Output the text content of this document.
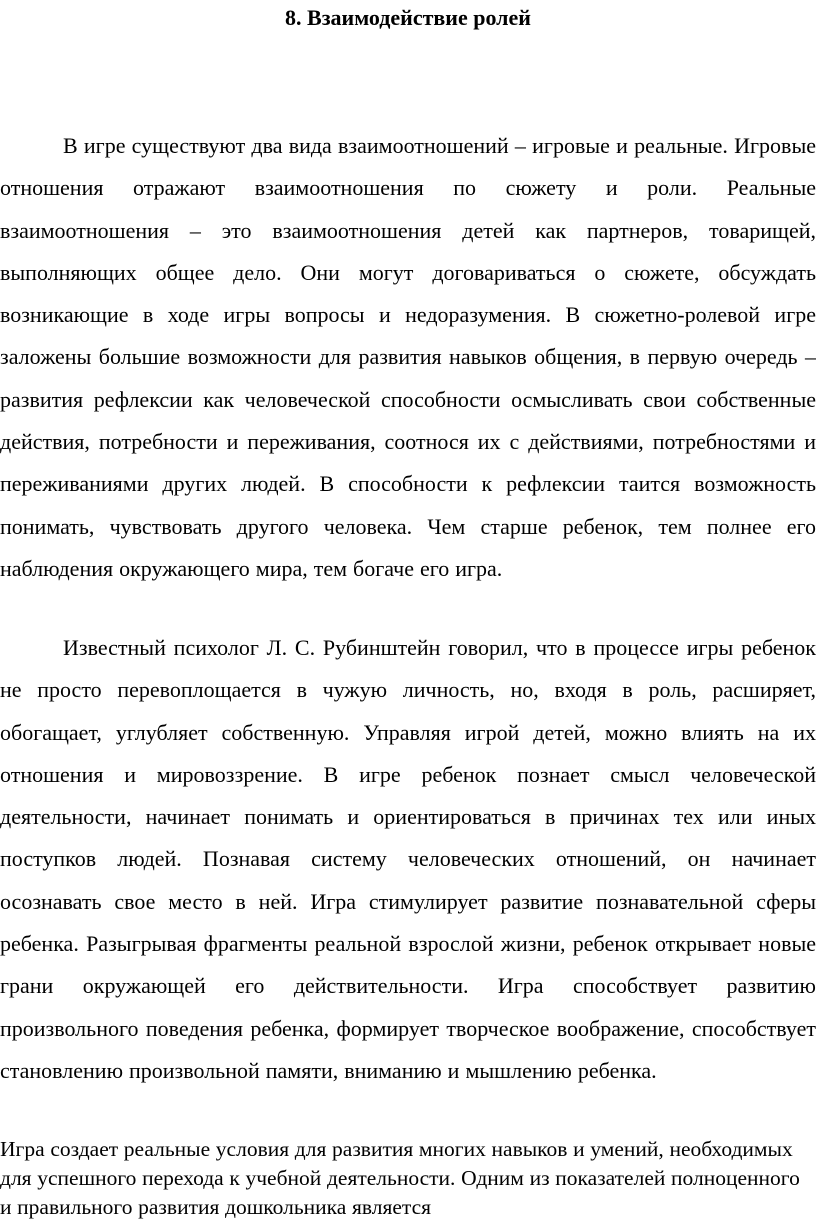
8. Взаимодействие ролей

В игре существуют два вида взаимоотношений – игровые и реальные. Игровые отношения отражают взаимоотношения по сюжету и роли. Реальные взаимоотношения – это взаимоотношения детей как партнеров, товарищей, выполняющих общее дело. Они могут договариваться о сюжете, обсуждать возникающие в ходе игры вопросы и недоразумения. В сюжетно-ролевой игре заложены большие возможности для развития навыков общения, в первую очередь – развития рефлексии как человеческой способности осмысливать свои собственные действия, потребности и переживания, соотнося их с действиями, потребностями и переживаниями других людей. В способности к рефлексии таится возможность понимать, чувствовать другого человека. Чем старше ребенок, тем полнее его наблюдения окружающего мира, тем богаче его игра.

Известный психолог Л. С. Рубинштейн говорил, что в процессе игры ребенок не просто перевоплощается в чужую личность, но, входя в роль, расширяет, обогащает, углубляет собственную. Управляя игрой детей, можно влиять на их отношения и мировоззрение. В игре ребенок познает смысл человеческой деятельности, начинает понимать и ориентироваться в причинах тех или иных поступков людей. Познавая систему человеческих отношений, он начинает осознавать свое место в ней. Игра стимулирует развитие познавательной сферы ребенка. Разыгрывая фрагменты реальной взрослой жизни, ребенок открывает новые грани окружающей его действительности. Игра способствует развитию произвольного поведения ребенка, формирует творческое воображение, способствует становлению произвольной памяти, вниманию и мышлению ребенка.

Игра создает реальные условия для развития многих навыков и умений, необходимых для успешного перехода к учебной деятельности. Одним из показателей полноценного и правильного развития дошкольника является
